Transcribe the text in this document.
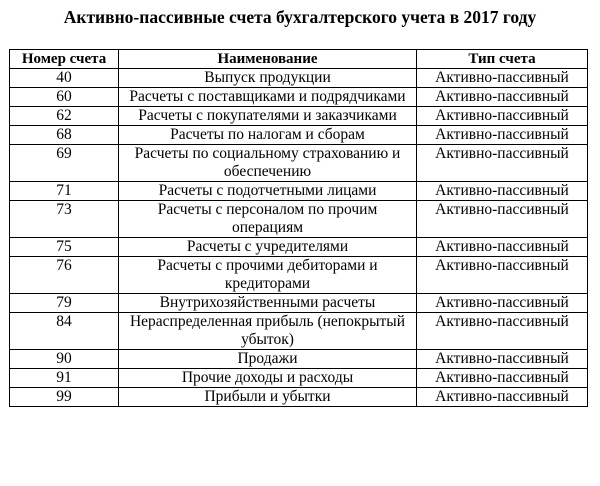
Активно-пассивные счета бухгалтерского учета в 2017 году
Номер счета	Наименование	Тип счета
40	Выпуск продукции	Активно-пассивный
60	Расчеты с поставщиками и подрядчиками	Активно-пассивный
62	Расчеты с покупателями и заказчиками	Активно-пассивный
68	Расчеты по налогам и сборам	Активно-пассивный
69	Расчеты по социальному страхованию и обеспечению	Активно-пассивный
71	Расчеты с подотчетными лицами	Активно-пассивный
73	Расчеты с персоналом по прочим операциям	Активно-пассивный
75	Расчеты с учредителями	Активно-пассивный
76	Расчеты с прочими дебиторами и кредиторами	Активно-пассивный
79	Внутрихозяйственными расчеты	Активно-пассивный
84	Нераспределенная прибыль (непокрытый убыток)	Активно-пассивный
90	Продажи	Активно-пассивный
91	Прочие доходы и расходы	Активно-пассивный
99	Прибыли и убытки	Активно-пассивный
